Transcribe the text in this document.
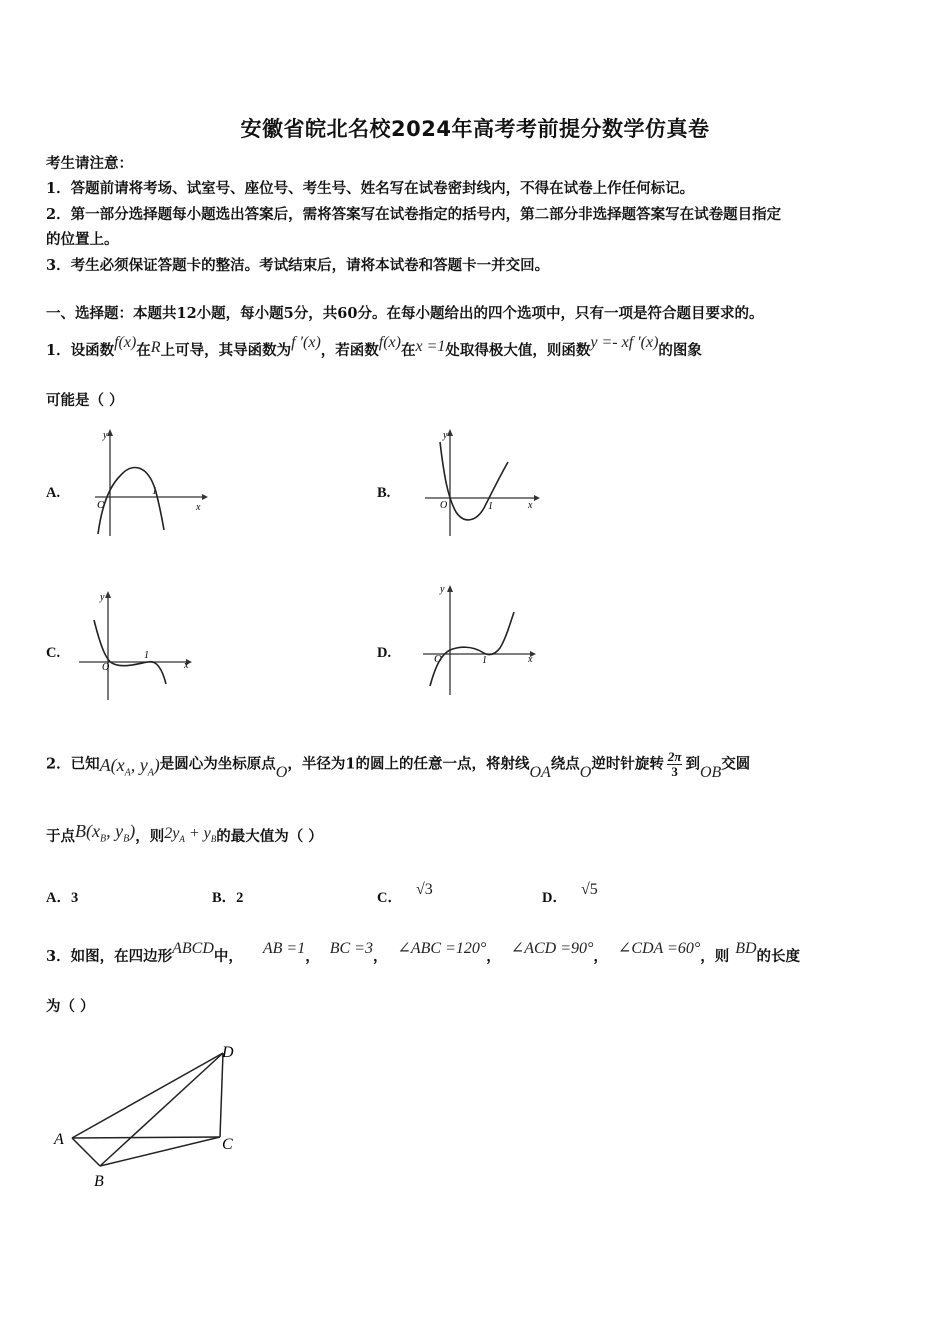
安徽省皖北名校2024年高考考前提分数学仿真卷
考生请注意：
1．答题前请将考场、试室号、座位号、考生号、姓名写在试卷密封线内，不得在试卷上作任何标记。
2．第一部分选择题每小题选出答案后，需将答案写在试卷指定的括号内，第二部分非选择题答案写在试卷题目指定
的位置上。
3．考生必须保证答题卡的整洁。考试结束后，请将本试卷和答题卡一并交回。
一、选择题：本题共12小题，每小题5分，共60分。在每小题给出的四个选项中，只有一项是符合题目要求的。
1．设函数f(x)在R上可导，其导函数为f ′(x)，若函数f(x)在x =1处取得极大值，则函数y =- xf ′(x)的图象
可能是（ ）
A.
y
x
O
1	B.
y
x
O	1
C.
y
x
O
1	D.
y
x
O	1
2．已知$A(x_A$, $y_A$)是圆心为坐标原点O，半径为1的圆上的任意一点，将射线OA绕点O逆时针旋转 $\frac{2\pi}{3}$ 到OB交圆
于点$B(x_B$, $y_B$)，则$2y_A + y_B$的最大值为（ ）
A．3	B．2	C． √3	D． √5
3．如图，在四边形ABCD中， AB =1， BC =3， ∠ABC =120°， ∠ACD =90°， ∠CDA =60°，则 BD的长度
为（ ）
A
B
C
D
